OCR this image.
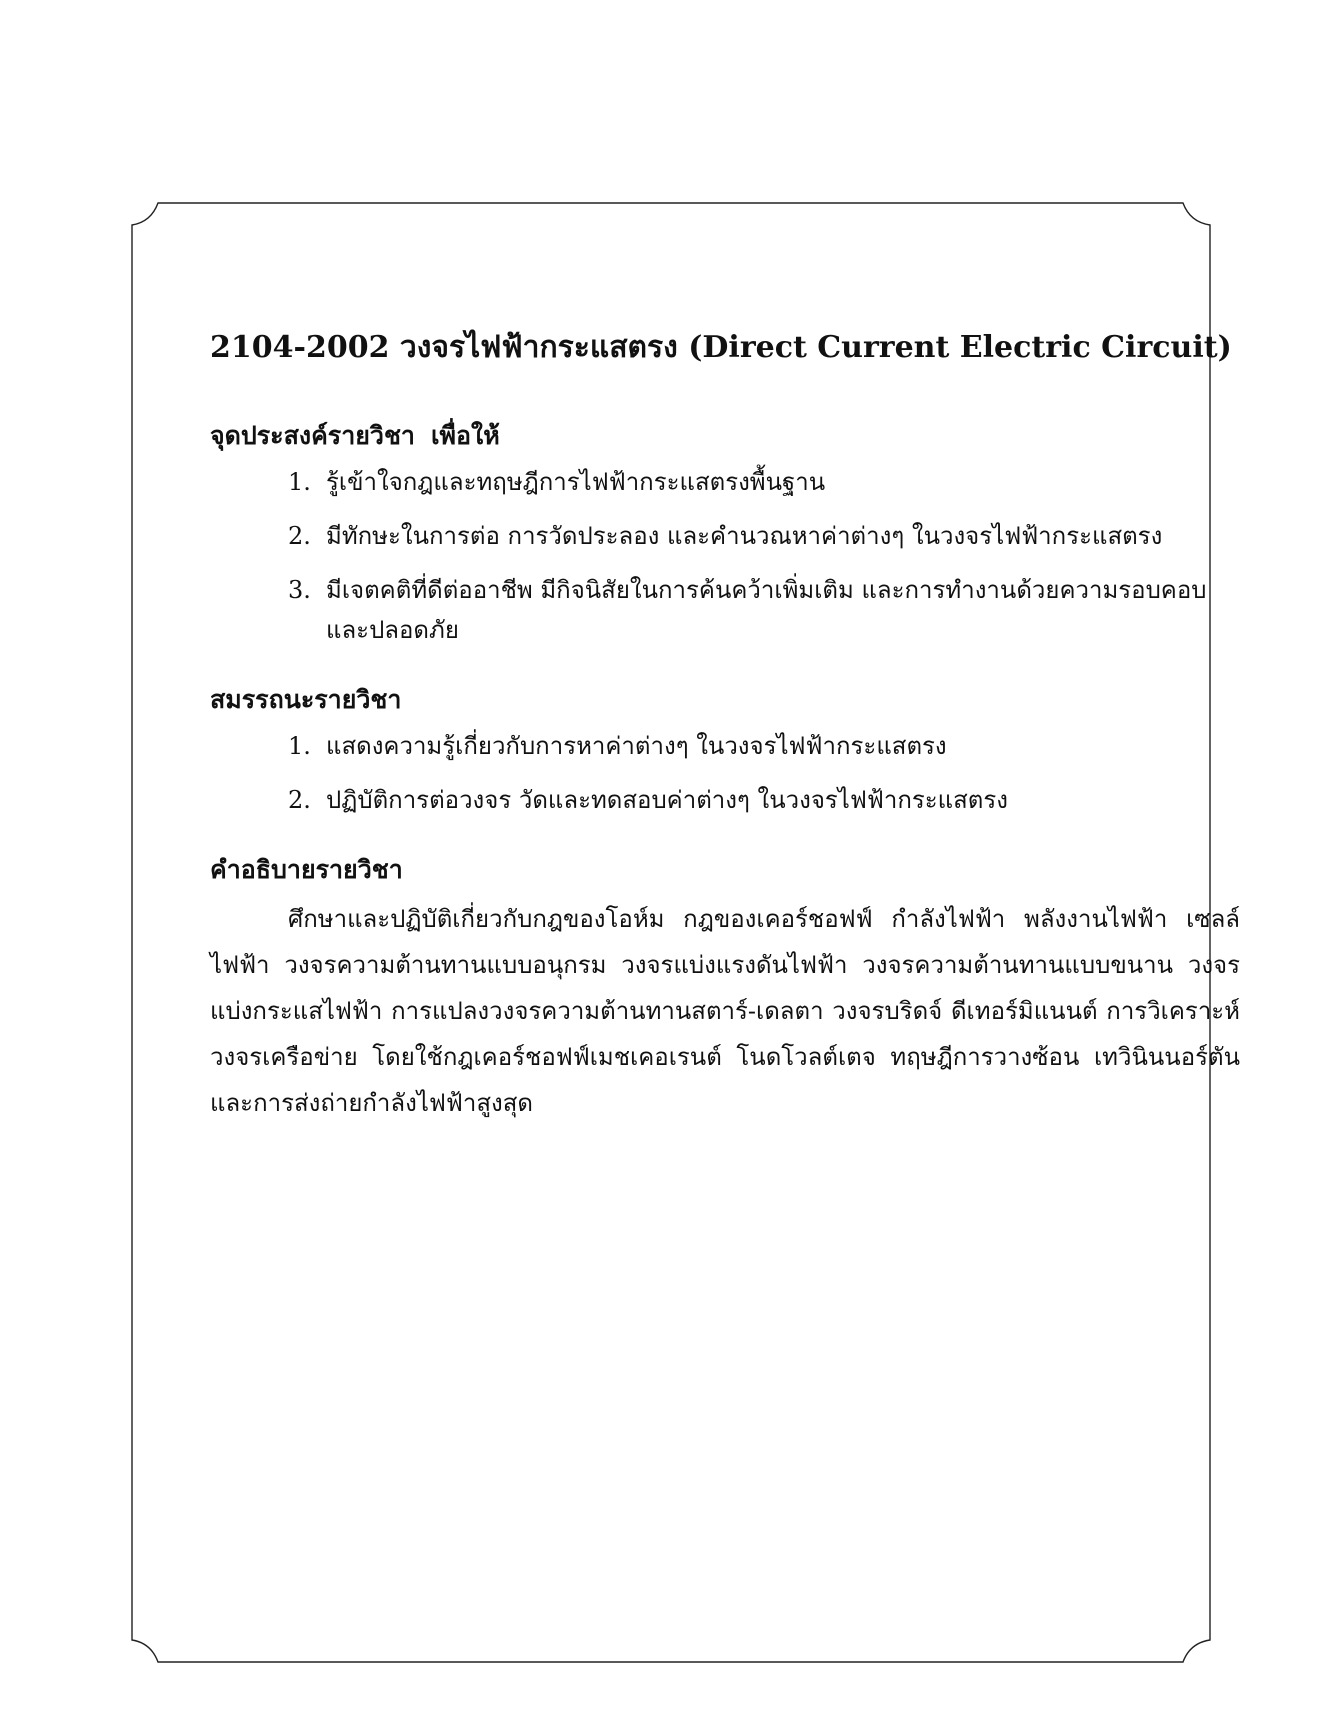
2104-2002 วงจรไฟฟ้ากระแสตรง (Direct Current Electric Circuit)
จุดประสงค์รายวิชา เพื่อให้
1. รู้เข้าใจกฎและทฤษฎีการไฟฟ้ากระแสตรงพื้นฐาน
2. มีทักษะในการต่อ การวัดประลอง และคำนวณหาค่าต่างๆ ในวงจรไฟฟ้ากระแสตรง
3. มีเจตคติที่ดีต่ออาชีพ มีกิจนิสัยในการค้นคว้าเพิ่มเติม และการทำงานด้วยความรอบคอบและปลอดภัย
สมรรถนะรายวิชา
1. แสดงความรู้เกี่ยวกับการหาค่าต่างๆ ในวงจรไฟฟ้ากระแสตรง
2. ปฏิบัติการต่อวงจร วัดและทดสอบค่าต่างๆ ในวงจรไฟฟ้ากระแสตรง
คำอธิบายรายวิชา

ศึกษาและปฏิบัติเกี่ยวกับกฎของโอห์ม กฎของเคอร์ชอฟฟ์ กำลังไฟฟ้า พลังงานไฟฟ้า เซลล์ไฟฟ้า วงจรความต้านทานแบบอนุกรม วงจรแบ่งแรงดันไฟฟ้า วงจรความต้านทานแบบขนาน วงจรแบ่งกระแสไฟฟ้า การแปลงวงจรความต้านทานสตาร์-เดลตา วงจรบริดจ์ ดีเทอร์มิแนนต์ การวิเคราะห์วงจรเครือข่าย โดยใช้กฎเคอร์ชอฟฟ์เมชเคอเรนต์ โนดโวลต์เตจ ทฤษฎีการวางซ้อน เทวินินนอร์ตันและการส่งถ่ายกำลังไฟฟ้าสูงสุด
